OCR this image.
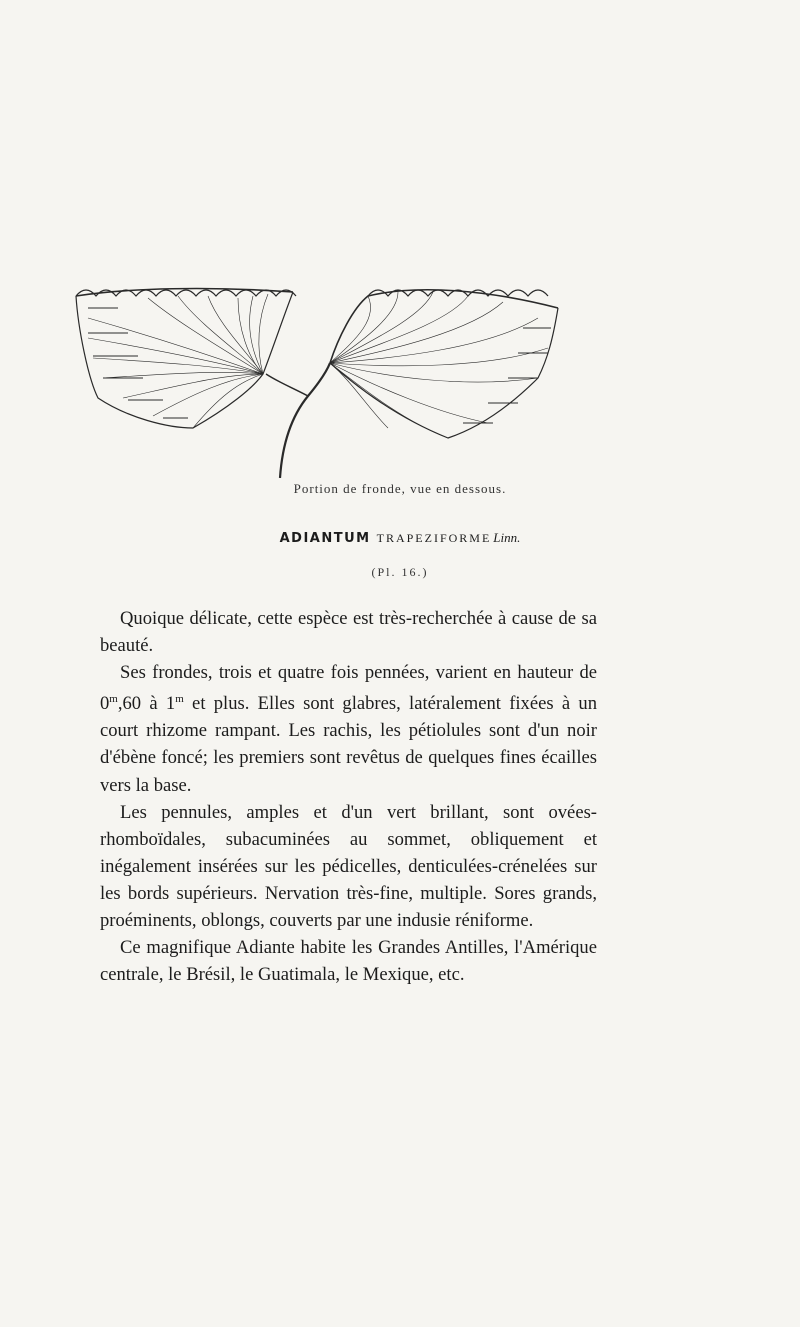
Portion de fronde, vue en dessous.
ADIANTUM TRAPEZIFORME Linn.
(Pl. 16.)

Quoique délicate, cette espèce est très-recherchée à cause de sa beauté.

Ses frondes, trois et quatre fois pennées, varient en hauteur de 0$^m$,60 à 1$^m$ et plus. Elles sont glabres, latéralement fixées à un court rhizome rampant. Les rachis, les pétiolules sont d'un noir d'ébène foncé; les premiers sont revêtus de quelques fines écailles vers la base.

Les pennules, amples et d'un vert brillant, sont ovées-rhomboïdales, subacuminées au sommet, obliquement et inégalement insérées sur les pédicelles, denticulées-crénelées sur les bords supérieurs. Nervation très-fine, multiple. Sores grands, proéminents, oblongs, couverts par une indusie réniforme.

Ce magnifique Adiante habite les Grandes Antilles, l'Amérique centrale, le Brésil, le Guatimala, le Mexique, etc.
